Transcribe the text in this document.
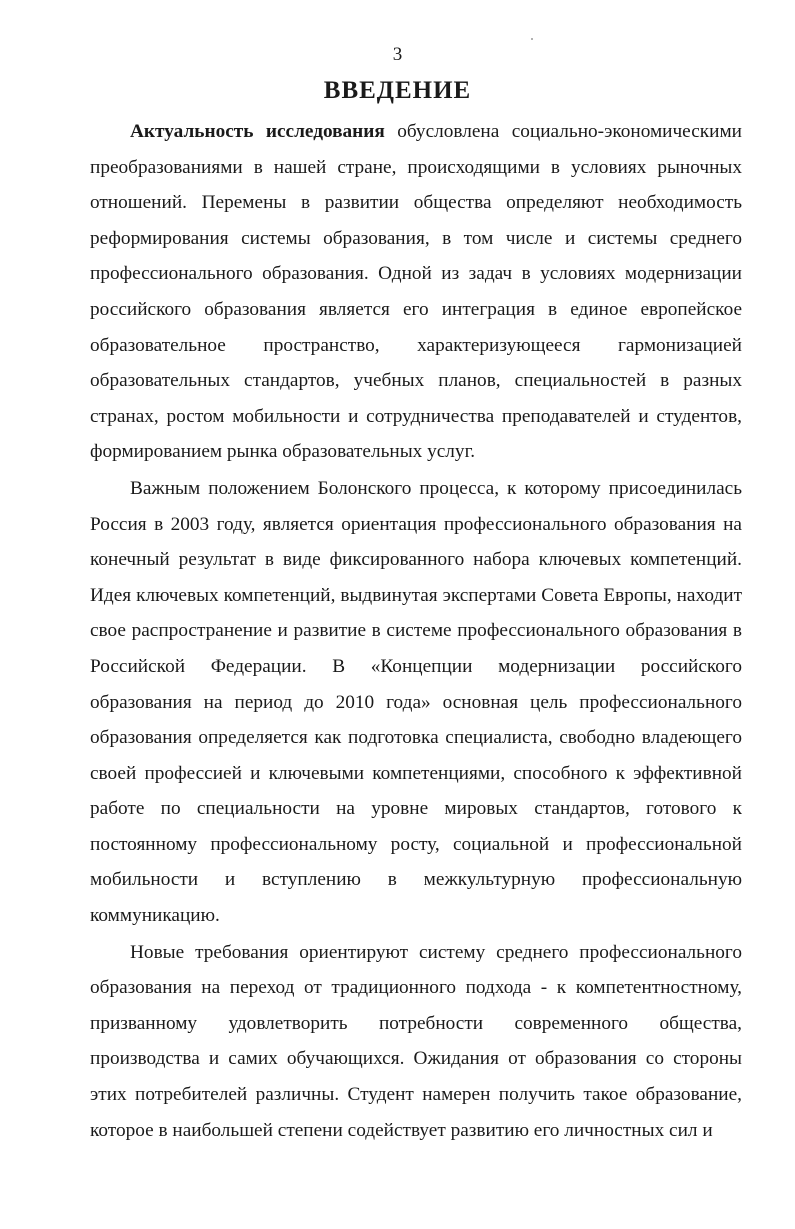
3
ВВЕДЕНИЕ

Актуальность исследования обусловлена социально-экономическими преобразованиями в нашей стране, происходящими в условиях рыночных отношений. Перемены в развитии общества определяют необходимость реформирования системы образования, в том числе и системы среднего профессионального образования. Одной из задач в условиях модернизации российского образования является его интеграция в единое европейское образовательное пространство, характеризующееся гармонизацией образовательных стандартов, учебных планов, специальностей в разных странах, ростом мобильности и сотрудничества преподавателей и студентов, формированием рынка образовательных услуг.

Важным положением Болонского процесса, к которому присоединилась Россия в 2003 году, является ориентация профессионального образования на конечный результат в виде фиксированного набора ключевых компетенций. Идея ключевых компетенций, выдвинутая экспертами Совета Европы, находит свое распространение и развитие в системе профессионального образования в Российской Федерации. В «Концепции модернизации российского образования на период до 2010 года» основная цель профессионального образования определяется как подготовка специалиста, свободно владеющего своей профессией и ключевыми компетенциями, способного к эффективной работе по специальности на уровне мировых стандартов, готового к постоянному профессиональному росту, социальной и профессиональной мобильности и вступлению в межкультурную профессиональную коммуникацию.

Новые требования ориентируют систему среднего профессионального образования на переход от традиционного подхода - к компетентностному, призванному удовлетворить потребности современного общества, производства и самих обучающихся. Ожидания от образования со стороны этих потребителей различны. Студент намерен получить такое образование, которое в наибольшей степени содействует развитию его личностных сил и
